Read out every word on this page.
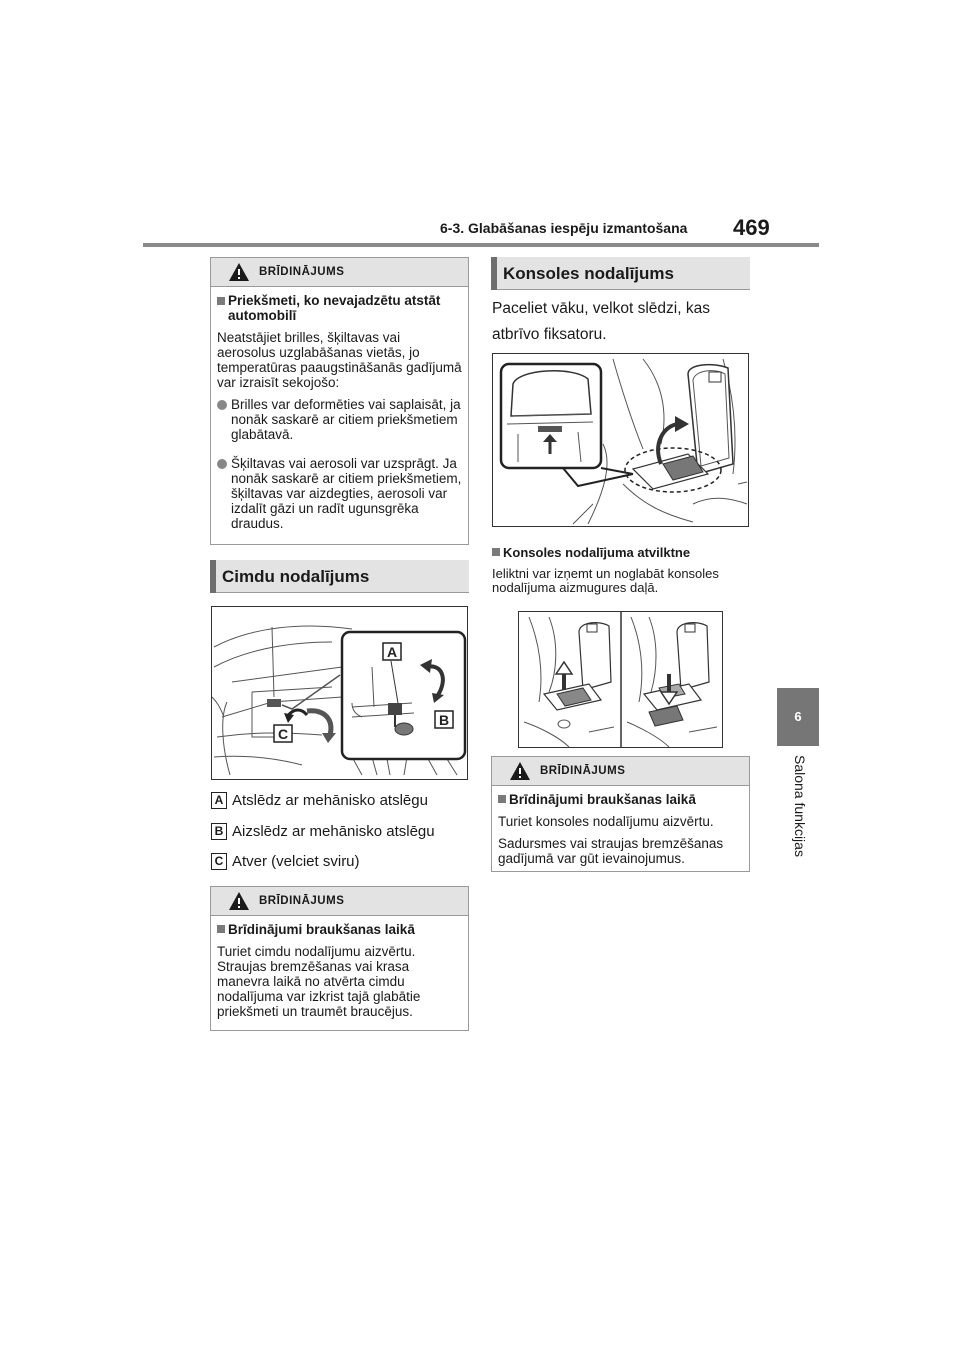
6-3. Glabāšanas iespēju izmantošana 469
6
Salona funkcijas
BRĪDINĀJUMS
Priekšmeti, ko nevajadzētu atstāt automobilī
Neatstājiet brilles, šķiltavas vai aerosolus uzglabāšanas vietās, jo temperatūras paaugstināšanās gadījumā var izraisīt sekojošo:
Brilles var deformēties vai saplaisāt, ja nonāk saskarē ar citiem priekšmetiem glabātavā.
Šķiltavas vai aerosoli var uzsprāgt. Ja nonāk saskarē ar citiem priekšmetiem, šķiltavas var aizdegties, aerosoli var izdalīt gāzi un radīt ugunsgrēka draudus.
Cimdu nodalījums
A
B
C
A Atslēdz ar mehānisko atslēgu
B Aizslēdz ar mehānisko atslēgu
C Atver (velciet sviru)
BRĪDINĀJUMS
Brīdinājumi braukšanas laikā
Turiet cimdu nodalījumu aizvērtu. Straujas bremzēšanas vai krasa manevra laikā no atvērta cimdu nodalījuma var izkrist tajā glabātie priekšmeti un traumēt braucējus.
Konsoles nodalījums
Paceliet vāku, velkot slēdzi, kas atbrīvo fiksatoru.
Konsoles nodalījuma atvilktne
Ieliktni var izņemt un noglabāt konsoles nodalījuma aizmugures daļā.
BRĪDINĀJUMS
Brīdinājumi braukšanas laikā
Turiet konsoles nodalījumu aizvērtu.
Sadursmes vai straujas bremzēšanas gadījumā var gūt ievainojumus.
